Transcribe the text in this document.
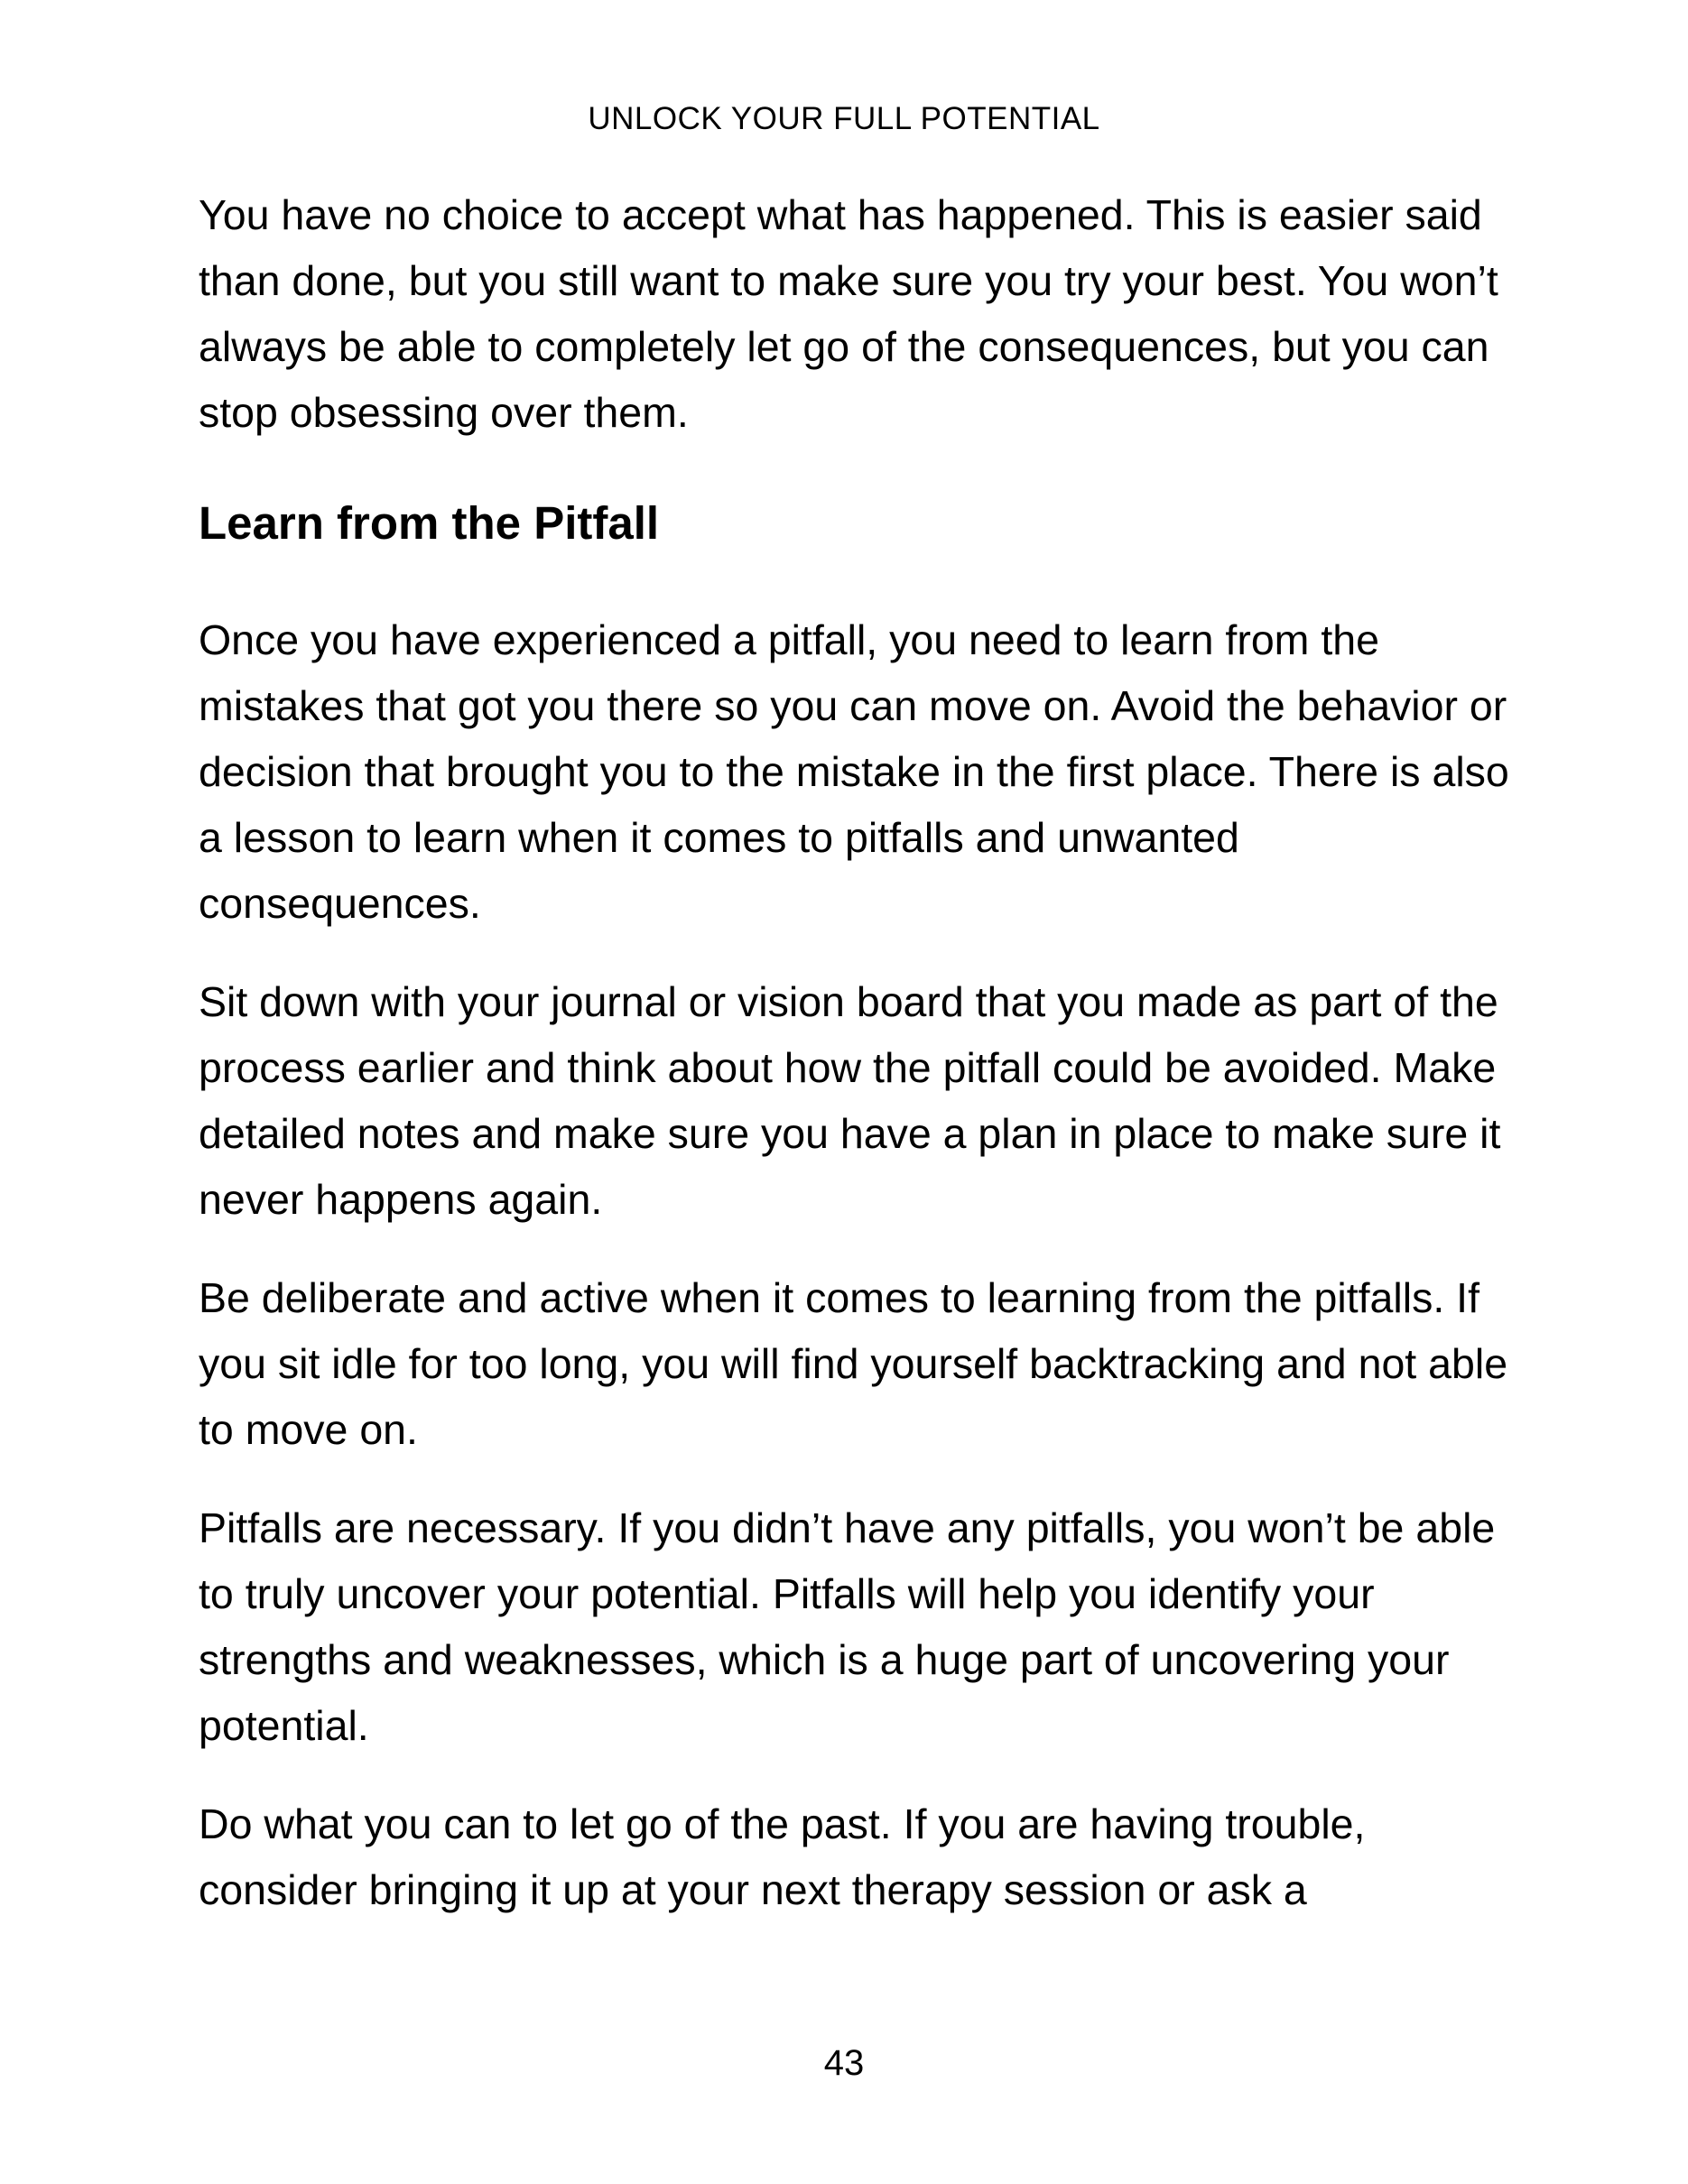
UNLOCK YOUR FULL POTENTIAL

You have no choice to accept what has happened. This is easier said than done, but you still want to make sure you try your best. You won’t always be able to completely let go of the consequences, but you can stop obsessing over them.

Learn from the Pitfall

Once you have experienced a pitfall, you need to learn from the mistakes that got you there so you can move on. Avoid the behavior or decision that brought you to the mistake in the first place. There is also a lesson to learn when it comes to pitfalls and unwanted consequences.

Sit down with your journal or vision board that you made as part of the process earlier and think about how the pitfall could be avoided. Make detailed notes and make sure you have a plan in place to make sure it never happens again.

Be deliberate and active when it comes to learning from the pitfalls. If you sit idle for too long, you will find yourself backtracking and not able to move on.

Pitfalls are necessary. If you didn’t have any pitfalls, you won’t be able to truly uncover your potential. Pitfalls will help you identify your strengths and weaknesses, which is a huge part of uncovering your potential.

Do what you can to let go of the past. If you are having trouble, consider bringing it up at your next therapy session or ask a

43
